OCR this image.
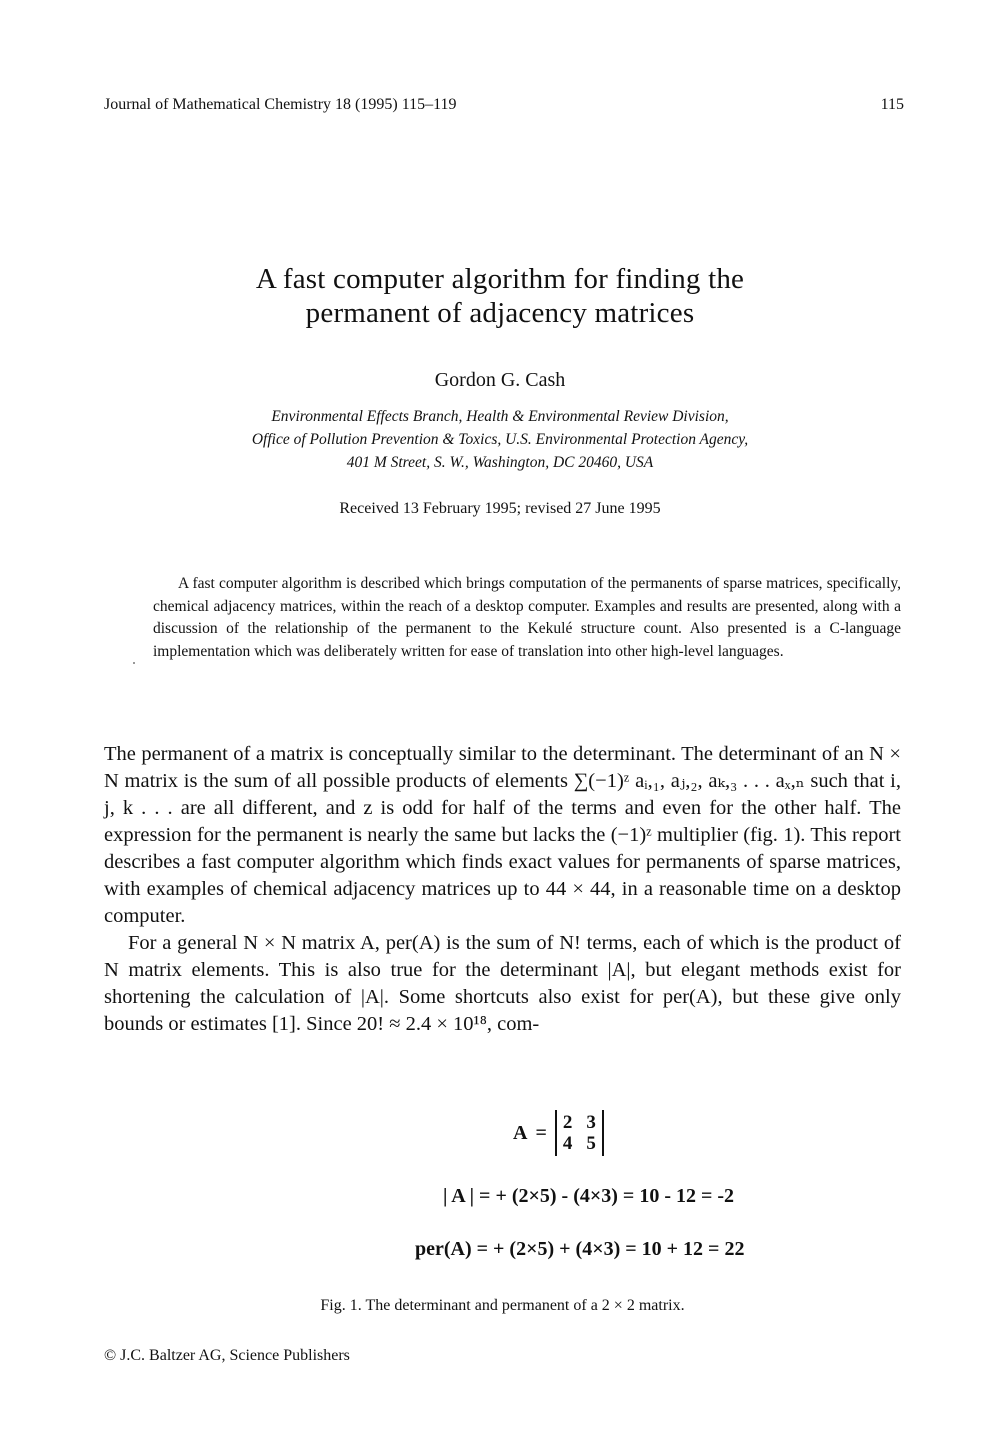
Journal of Mathematical Chemistry 18 (1995) 115–119	115
A fast computer algorithm for finding the
permanent of adjacency matrices
Gordon G. Cash
Environmental Effects Branch, Health & Environmental Review Division,
Office of Pollution Prevention & Toxics, U.S. Environmental Protection Agency,
401 M Street, S. W., Washington, DC 20460, USA
Received 13 February 1995; revised 27 June 1995

A fast computer algorithm is described which brings computation of the permanents of sparse matrices, specifically, chemical adjacency matrices, within the reach of a desktop computer. Examples and results are presented, along with a discussion of the relationship of the permanent to the Kekulé structure count. Also presented is a C-language implementation which was deliberately written for ease of translation into other high-level languages.

The permanent of a matrix is conceptually similar to the determinant. The determinant of an N × N matrix is the sum of all possible products of elements ∑(−1)ᶻ aᵢ,₁, aⱼ,₂, aₖ,₃ . . . aₓ,ₙ such that i, j, k . . . are all different, and z is odd for half of the terms and even for the other half. The expression for the permanent is nearly the same but lacks the (−1)ᶻ multiplier (fig. 1). This report describes a fast computer algorithm which finds exact values for permanents of sparse matrices, with examples of chemical adjacency matrices up to 44 × 44, in a reasonable time on a desktop computer.

For a general N × N matrix A, per(A) is the sum of N! terms, each of which is the product of N matrix elements. This is also true for the determinant |A|, but elegant methods exist for shortening the calculation of |A|. Some shortcuts also exist for per(A), but these give only bounds or estimates [1]. Since 20! ≈ 2.4 × 10¹⁸, com-

A = 2 3
4 5
| A | = + (2×5) - (4×3) = 10 - 12 = -2
per(A) = + (2×5) + (4×3) = 10 + 12 = 22
Fig. 1. The determinant and permanent of a 2 × 2 matrix.
© J.C. Baltzer AG, Science Publishers
